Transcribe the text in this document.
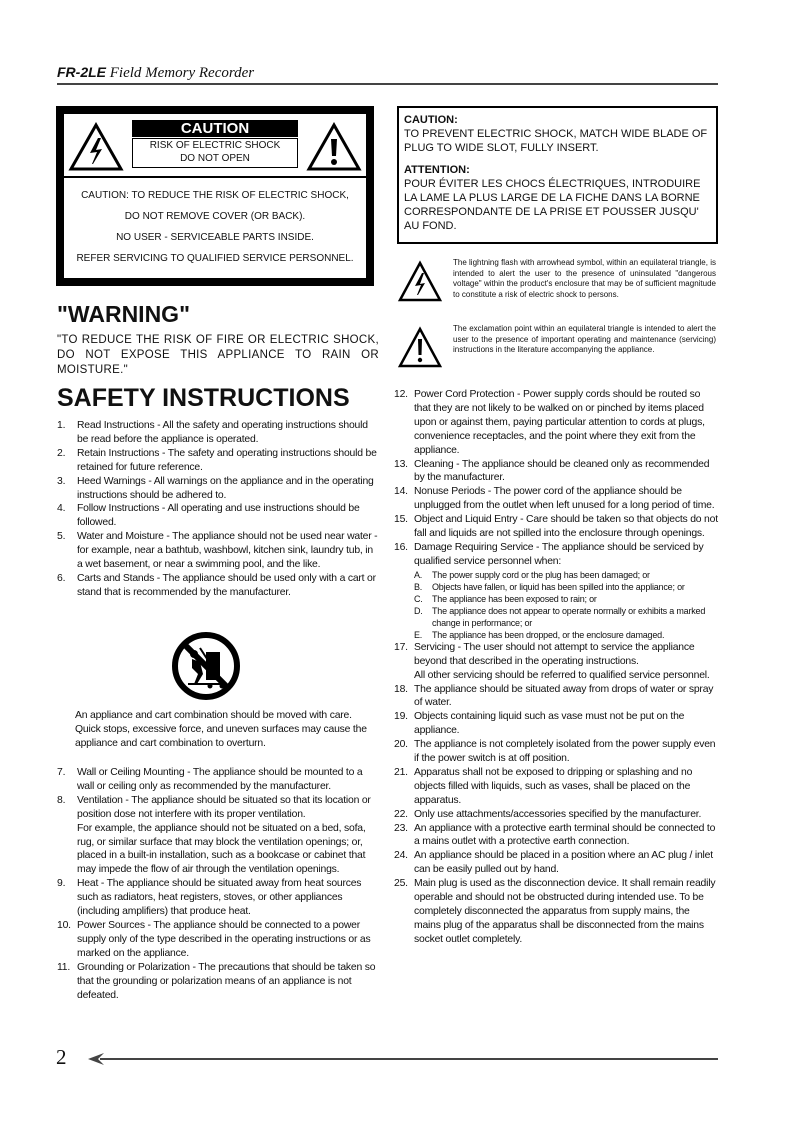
FR-2LE Field Memory Recorder
CAUTION
RISK OF ELECTRIC SHOCK
DO NOT OPEN
CAUTION: TO REDUCE THE RISK OF ELECTRIC SHOCK,
DO NOT REMOVE COVER (OR BACK).
NO USER - SERVICEABLE PARTS INSIDE.
REFER SERVICING TO QUALIFIED SERVICE PERSONNEL.
CAUTION:
TO PREVENT ELECTRIC SHOCK, MATCH WIDE BLADE OF PLUG TO WIDE SLOT, FULLY INSERT.
ATTENTION:
POUR ÉVITER LES CHOCS ÉLECTRIQUES, INTRODUIRE LA LAME LA PLUS LARGE DE LA FICHE DANS LA BORNE CORRESPONDANTE DE LA PRISE ET POUSSER JUSQU' AU FOND.
The lightning flash with arrowhead symbol, within an equilateral triangle, is intended to alert the user to the presence of uninsulated "dangerous voltage" within the product's enclosure that may be of sufficient magnitude to constitute a risk of electric shock to persons.
The exclamation point within an equilateral triangle is intended to alert the user to the presence of important operating and maintenance (servicing) instructions in the literature accompanying the appliance.
"WARNING"
"TO REDUCE THE RISK OF FIRE OR ELECTRIC SHOCK, DO NOT EXPOSE THIS APPLIANCE TO RAIN OR MOISTURE."
SAFETY INSTRUCTIONS
1. Read Instructions - All the safety and operating instructions should be read before the appliance is operated.
2. Retain Instructions - The safety and operating instructions should be retained for future reference.
3. Heed Warnings - All warnings on the appliance and in the operating instructions should be adhered to.
4. Follow Instructions - All operating and use instructions should be followed.
5. Water and Moisture - The appliance should not be used near water - for example, near a bathtub, washbowl, kitchen sink, laundry tub, in a wet basement, or near a swimming pool, and the like.
6. Carts and Stands - The appliance should be used only with a cart or stand that is recommended by the manufacturer.
An appliance and cart combination should be moved with care. Quick stops, excessive force, and uneven surfaces may cause the appliance and cart combination to overturn.
7. Wall or Ceiling Mounting - The appliance should be mounted to a wall or ceiling only as recommended by the manufacturer.
8. Ventilation - The appliance should be situated so that its location or position dose not interfere with its proper ventilation.
For example, the appliance should not be situated on a bed, sofa, rug, or similar surface that may block the ventilation openings; or, placed in a built-in installation, such as a bookcase or cabinet that may impede the flow of air through the ventilation openings.
9. Heat - The appliance should be situated away from heat sources such as radiators, heat registers, stoves, or other appliances (including amplifiers) that produce heat.
10. Power Sources - The appliance should be connected to a power supply only of the type described in the operating instructions or as marked on the appliance.
11. Grounding or Polarization - The precautions that should be taken so that the grounding or polarization means of an appliance is not defeated.
12. Power Cord Protection - Power supply cords should be routed so that they are not likely to be walked on or pinched by items placed upon or against them, paying particular attention to cords at plugs, convenience receptacles, and the point where they exit from the appliance.
13. Cleaning - The appliance should be cleaned only as recommended by the manufacturer.
14. Nonuse Periods - The power cord of the appliance should be unplugged from the outlet when left unused for a long period of time.
15. Object and Liquid Entry - Care should be taken so that objects do not fall and liquids are not spilled into the enclosure through openings.
16. Damage Requiring Service - The appliance should be serviced by qualified service personnel when:
A. The power supply cord or the plug has been damaged; or
B. Objects have fallen, or liquid has been spilled into the appliance; or
C. The appliance has been exposed to rain; or
D. The appliance does not appear to operate normally or exhibits a marked change in performance; or
E. The appliance has been dropped, or the enclosure damaged.
17. Servicing - The user should not attempt to service the appliance beyond that described in the operating instructions.
All other servicing should be referred to qualified service personnel.
18. The appliance should be situated away from drops of water or spray of water.
19. Objects containing liquid such as vase must not be put on the appliance.
20. The appliance is not completely isolated from the power supply even if the power switch is at off position.
21. Apparatus shall not be exposed to dripping or splashing and no objects filled with liquids, such as vases, shall be placed on the apparatus.
22. Only use attachments/accessories specified by the manufacturer.
23. An appliance with a protective earth terminal should be connected to a mains outlet with a protective earth connection.
24. An appliance should be placed in a position where an AC plug / inlet can be easily pulled out by hand.
25. Main plug is used as the disconnection device. It shall remain readily operable and should not be obstructed during intended use. To be completely disconnected the apparatus from supply mains, the mains plug of the apparatus shall be disconnected from the mains socket outlet completely.
2
